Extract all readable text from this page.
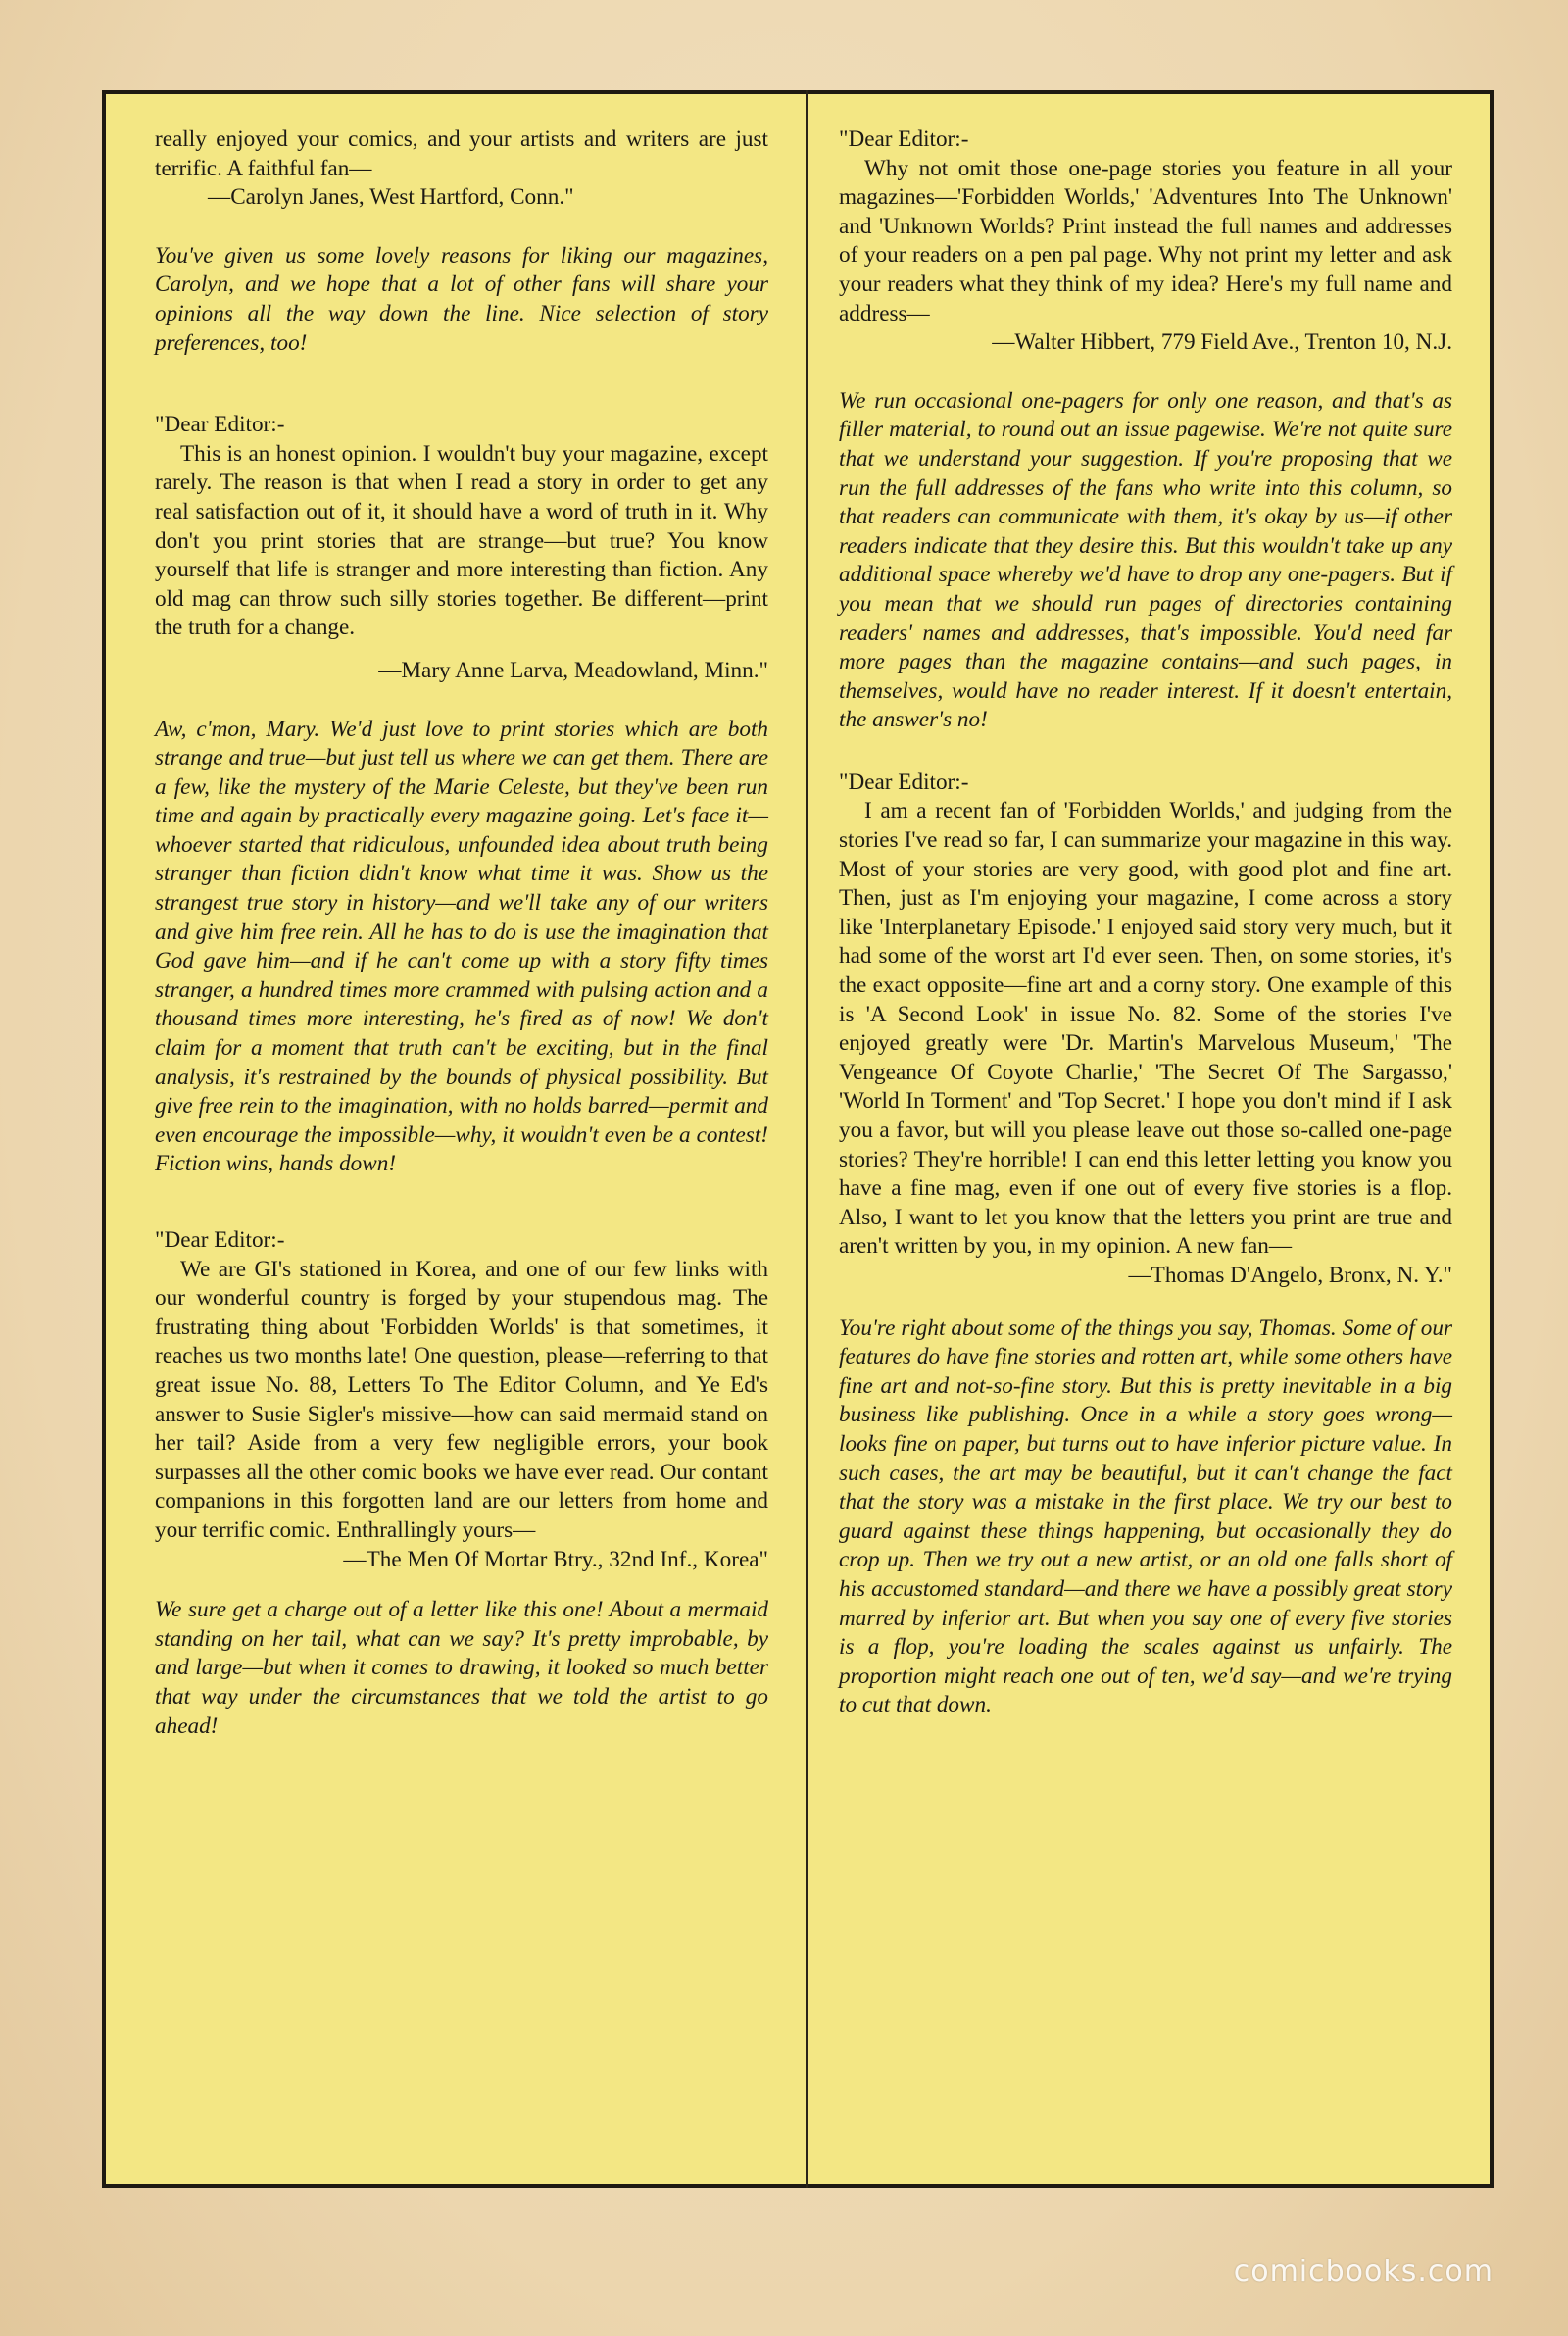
really enjoyed your comics, and your artists and writers are just terrific. A faithful fan—

—Carolyn Janes, West Hartford, Conn."

You've given us some lovely reasons for liking our magazines, Carolyn, and we hope that a lot of other fans will share your opinions all the way down the line. Nice selection of story preferences, too!

"Dear Editor:-

This is an honest opinion. I wouldn't buy your magazine, except rarely. The reason is that when I read a story in order to get any real satisfaction out of it, it should have a word of truth in it. Why don't you print stories that are strange—but true? You know yourself that life is stranger and more interesting than fiction. Any old mag can throw such silly stories together. Be different—print the truth for a change.

—Mary Anne Larva, Meadowland, Minn."

Aw, c'mon, Mary. We'd just love to print stories which are both strange and true—but just tell us where we can get them. There are a few, like the mystery of the Marie Celeste, but they've been run time and again by practically every magazine going. Let's face it—whoever started that ridiculous, unfounded idea about truth being stranger than fiction didn't know what time it was. Show us the strangest true story in history—and we'll take any of our writers and give him free rein. All he has to do is use the imagination that God gave him—and if he can't come up with a story fifty times stranger, a hundred times more crammed with pulsing action and a thousand times more interesting, he's fired as of now! We don't claim for a moment that truth can't be exciting, but in the final analysis, it's restrained by the bounds of physical possibility. But give free rein to the imagination, with no holds barred—permit and even encourage the impossible—why, it wouldn't even be a contest! Fiction wins, hands down!

"Dear Editor:-

We are GI's stationed in Korea, and one of our few links with our wonderful country is forged by your stupendous mag. The frustrating thing about 'Forbidden Worlds' is that sometimes, it reaches us two months late! One question, please—referring to that great issue No. 88, Letters To The Editor Column, and Ye Ed's answer to Susie Sigler's missive—how can said mermaid stand on her tail? Aside from a very few negligible errors, your book surpasses all the other comic books we have ever read. Our contant companions in this forgotten land are our letters from home and your terrific comic. Enthrallingly yours—

—The Men Of Mortar Btry., 32nd Inf., Korea"

We sure get a charge out of a letter like this one! About a mermaid standing on her tail, what can we say? It's pretty improbable, by and large—but when it comes to drawing, it looked so much better that way under the circumstances that we told the artist to go ahead!

"Dear Editor:-

Why not omit those one-page stories you feature in all your magazines—'Forbidden Worlds,' 'Adventures Into The Unknown' and 'Unknown Worlds? Print instead the full names and addresses of your readers on a pen pal page. Why not print my letter and ask your readers what they think of my idea? Here's my full name and address—

—Walter Hibbert, 779 Field Ave., Trenton 10, N.J.

We run occasional one-pagers for only one reason, and that's as filler material, to round out an issue pagewise. We're not quite sure that we understand your suggestion. If you're proposing that we run the full addresses of the fans who write into this column, so that readers can communicate with them, it's okay by us—if other readers indicate that they desire this. But this wouldn't take up any additional space whereby we'd have to drop any one-pagers. But if you mean that we should run pages of directories containing readers' names and addresses, that's impossible. You'd need far more pages than the magazine contains—and such pages, in themselves, would have no reader interest. If it doesn't entertain, the answer's no!

"Dear Editor:-

I am a recent fan of 'Forbidden Worlds,' and judging from the stories I've read so far, I can summarize your magazine in this way. Most of your stories are very good, with good plot and fine art. Then, just as I'm enjoying your magazine, I come across a story like 'Interplanetary Episode.' I enjoyed said story very much, but it had some of the worst art I'd ever seen. Then, on some stories, it's the exact opposite—fine art and a corny story. One example of this is 'A Second Look' in issue No. 82. Some of the stories I've enjoyed greatly were 'Dr. Martin's Marvelous Museum,' 'The Vengeance Of Coyote Charlie,' 'The Secret Of The Sargasso,' 'World In Torment' and 'Top Secret.' I hope you don't mind if I ask you a favor, but will you please leave out those so-called one-page stories? They're horrible! I can end this letter letting you know you have a fine mag, even if one out of every five stories is a flop. Also, I want to let you know that the letters you print are true and aren't written by you, in my opinion. A new fan—

—Thomas D'Angelo, Bronx, N. Y."

You're right about some of the things you say, Thomas. Some of our features do have fine stories and rotten art, while some others have fine art and not-so-fine story. But this is pretty inevitable in a big business like publishing. Once in a while a story goes wrong—looks fine on paper, but turns out to have inferior picture value. In such cases, the art may be beautiful, but it can't change the fact that the story was a mistake in the first place. We try our best to guard against these things happening, but occasionally they do crop up. Then we try out a new artist, or an old one falls short of his accustomed standard—and there we have a possibly great story marred by inferior art. But when you say one of every five stories is a flop, you're loading the scales against us unfairly. The proportion might reach one out of ten, we'd say—and we're trying to cut that down.

comicbooks.com
